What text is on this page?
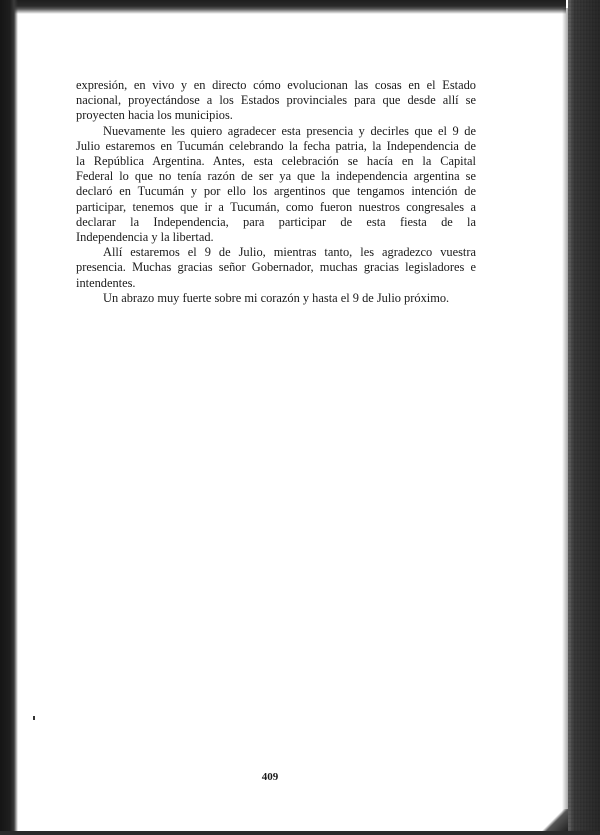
expresión, en vivo y en directo cómo evolucionan las cosas en el Estado
nacional, proyectándose a los Estados provinciales para que desde allí se
proyecten hacia los municipios.

Nuevamente les quiero agradecer esta presencia y decirles que el 9 de
Julio estaremos en Tucumán celebrando la fecha patria, la Independencia de
la República Argentina. Antes, esta celebración se hacía en la Capital
Federal lo que no tenía razón de ser ya que la independencia argentina se
declaró en Tucumán y por ello los argentinos que tengamos intención de
participar, tenemos que ir a Tucumán, como fueron nuestros congresales a
declarar la Independencia, para participar de esta fiesta de la
Independencia y la libertad.

Allí estaremos el 9 de Julio, mientras tanto, les agradezco vuestra
presencia. Muchas gracias señor Gobernador, muchas gracias legisladores e
intendentes.

Un abrazo muy fuerte sobre mi corazón y hasta el 9 de Julio próximo.

409
